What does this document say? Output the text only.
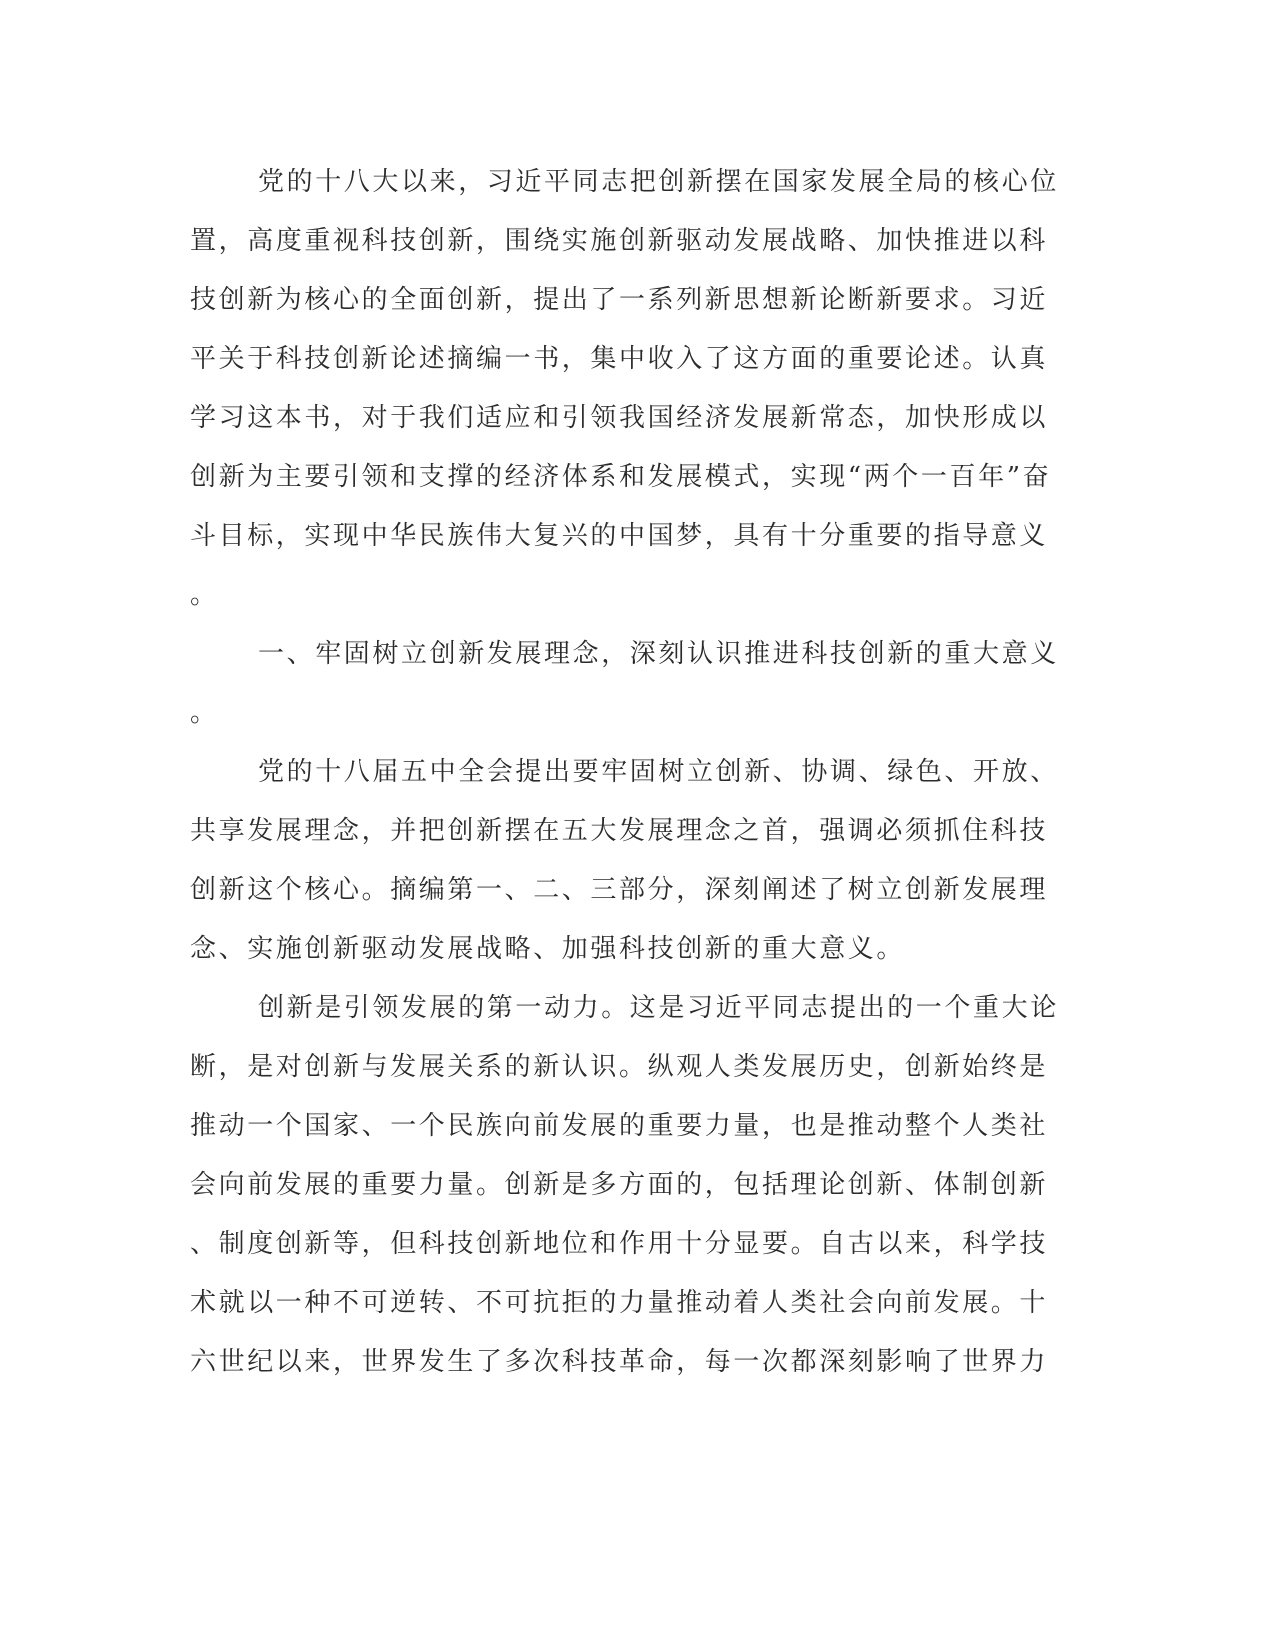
党的十八大以来，习近平同志把创新摆在国家发展全局的核心位
置，高度重视科技创新，围绕实施创新驱动发展战略、加快推进以科
技创新为核心的全面创新，提出了一系列新思想新论断新要求。习近
平关于科技创新论述摘编一书，集中收入了这方面的重要论述。认真
学习这本书，对于我们适应和引领我国经济发展新常态，加快形成以
创新为主要引领和支撑的经济体系和发展模式，实现“两个一百年”奋
斗目标，实现中华民族伟大复兴的中国梦，具有十分重要的指导意义
。
一、牢固树立创新发展理念，深刻认识推进科技创新的重大意义
。
党的十八届五中全会提出要牢固树立创新、协调、绿色、开放、
共享发展理念，并把创新摆在五大发展理念之首，强调必须抓住科技
创新这个核心。摘编第一、二、三部分，深刻阐述了树立创新发展理
念、实施创新驱动发展战略、加强科技创新的重大意义。
创新是引领发展的第一动力。这是习近平同志提出的一个重大论
断，是对创新与发展关系的新认识。纵观人类发展历史，创新始终是
推动一个国家、一个民族向前发展的重要力量，也是推动整个人类社
会向前发展的重要力量。创新是多方面的，包括理论创新、体制创新
、制度创新等，但科技创新地位和作用十分显要。自古以来，科学技
术就以一种不可逆转、不可抗拒的力量推动着人类社会向前发展。十
六世纪以来，世界发生了多次科技革命，每一次都深刻影响了世界力
